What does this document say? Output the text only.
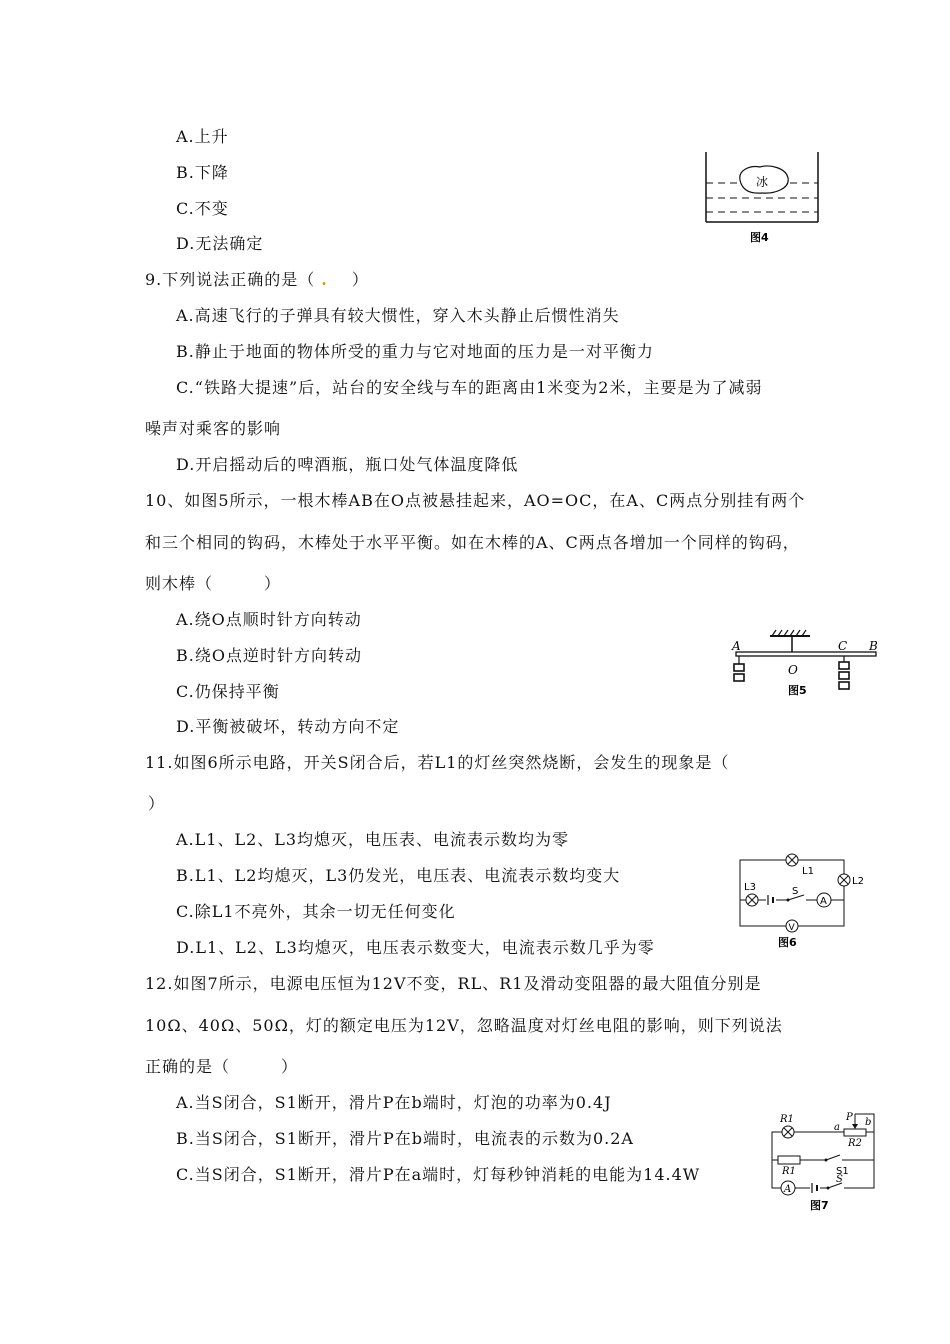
A.上升
B.下降
C.不变
D.无法确定
冰
图4
9.下列说法正确的是（ . ）
A.高速飞行的子弹具有较大惯性，穿入木头静止后惯性消失
B.静止于地面的物体所受的重力与它对地面的压力是一对平衡力
C.“铁路大提速”后，站台的安全线与车的距离由1米变为2米，主要是为了减弱
噪声对乘客的影响
D.开启摇动后的啤酒瓶，瓶口处气体温度降低
10、如图5所示，一根木棒AB在O点被悬挂起来，AO=OC，在A、C两点分别挂有两个
和三个相同的钩码，木棒处于水平平衡。如在木棒的A、C两点各增加一个同样的钩码，
则木棒（　　　）
A.绕O点顺时针方向转动
B.绕O点逆时针方向转动
C.仍保持平衡
D.平衡被破坏，转动方向不定
A
O
C B
图5
11.如图6所示电路，开关S闭合后，若L1的灯丝突然烧断，会发生的现象是（
）
A.L1、L2、L3均熄灭，电压表、电流表示数均为零
B.L1、L2均熄灭，L3仍发光，电压表、电流表示数均变大
C.除L1不亮外，其余一切无任何变化
D.L1、L2、L3均熄灭，电压表示数变大，电流表示数几乎为零
L1
L2
L3	S
A
V
图6
12.如图7所示，电源电压恒为12V不变，RL、R1及滑动变阻器的最大阻值分别是
10Ω、40Ω、50Ω，灯的额定电压为12V，忽略温度对灯丝电阻的影响，则下列说法
正确的是（　　　）
A.当S闭合，S1断开，滑片P在b端时，灯泡的功率为0.4J
B.当S闭合，S1断开，滑片P在b端时，电流表的示数为0.2A
C.当S闭合，S1断开，滑片P在a端时，灯每秒钟消耗的电能为14.4W
R1	P
a	b
R2
R1	S1
A
S
图7
